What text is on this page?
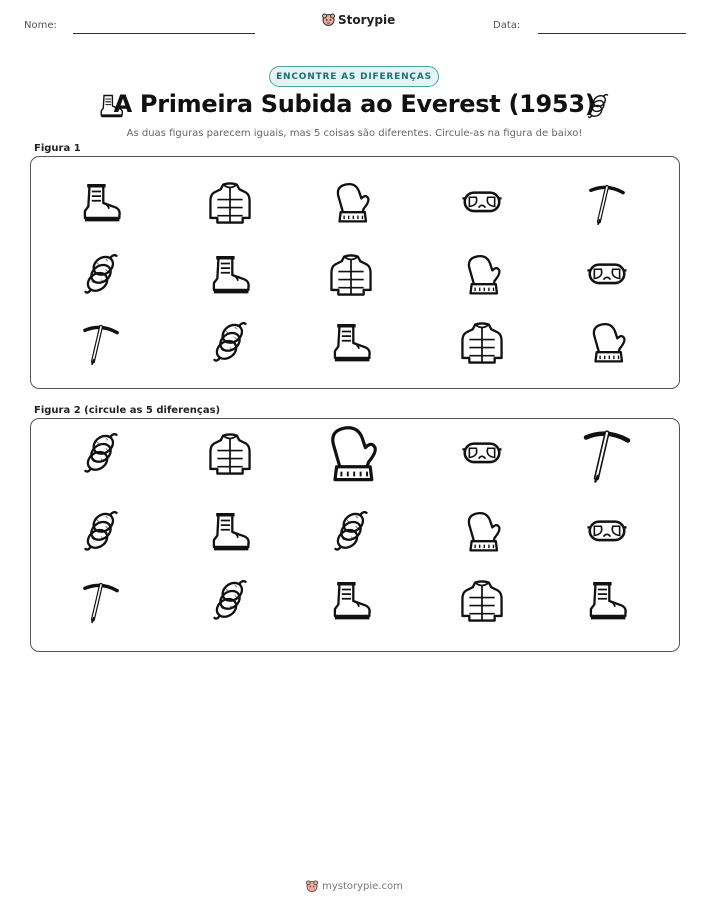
Nome:	Storypie	Data:
ENCONTRE AS DIFERENÇAS
A Primeira Subida ao Everest (1953)
As duas figuras parecem iguais, mas 5 coisas são diferentes. Circule-as na figura de baixo!
Figura 1
Figura 2 (circule as 5 diferenças)
mystorypie.com
